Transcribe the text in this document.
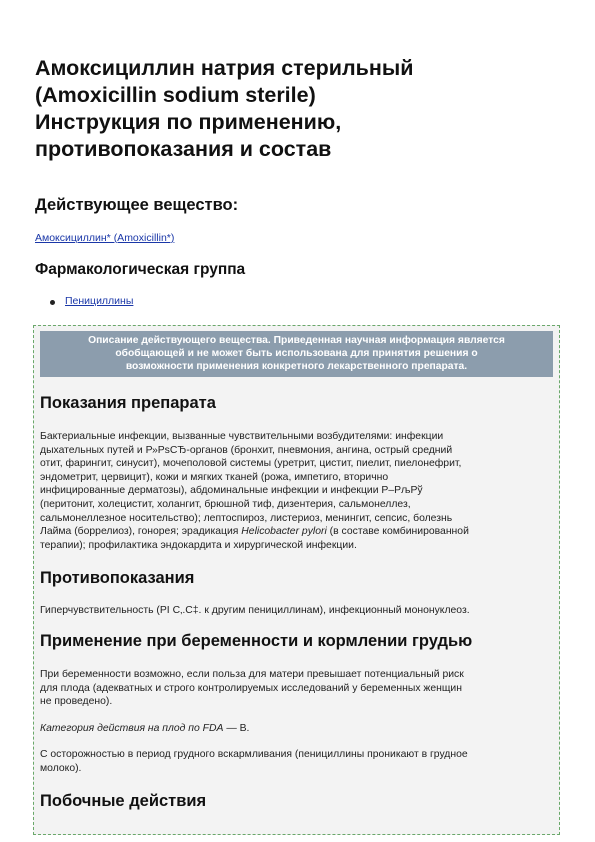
Амоксициллин натрия стерильный
(Amoxicillin sodium sterile)
Инструкция по применению,
противопоказания и состав
Действующее вещество:
Амоксициллин* (Amoxicillin*)
Фармакологическая группа
Пенициллины
Описание действующего вещества. Приведенная научная информация является
обобщающей и не может быть использована для принятия решения о
возможности применения конкретного лекарственного препарата.
Показания препарата
Бактериальные инфекции, вызванные чувствительными возбудителями: инфекции
дыхательных путей и Р»РѕСЂ-органов (бронхит, пневмония, ангина, острый средний
отит, фарингит, синусит), мочеполовой системы (уретрит, цистит, пиелит, пиелонефрит,
эндометрит, цервицит), кожи и мягких тканей (рожа, импетиго, вторично
инфицированные дерматозы), абдоминальные инфекции и инфекции Р–РљРў
(перитонит, холецистит, холангит, брюшной тиф, дизентерия, сальмонеллез,
сальмонеллезное носительство); лептоспироз, листериоз, менингит, сепсис, болезнь
Лайма (боррелиоз), гонорея; эрадикация Helicobacter pylori (в составе комбинированной
терапии); профилактика эндокардита и хирургической инфекции.
Противопоказания
Гиперчувствительность (РІ С‚.С‡. к другим пенициллинам), инфекционный мононуклеоз.
Применение при беременности и кормлении грудью
При беременности возможно, если польза для матери превышает потенциальный риск
для плода (адекватных и строго контролируемых исследований у беременных женщин
не проведено).
Категория действия на плод по FDA — B.
С осторожностью в период грудного вскармливания (пенициллины проникают в грудное
молоко).
Побочные действия
